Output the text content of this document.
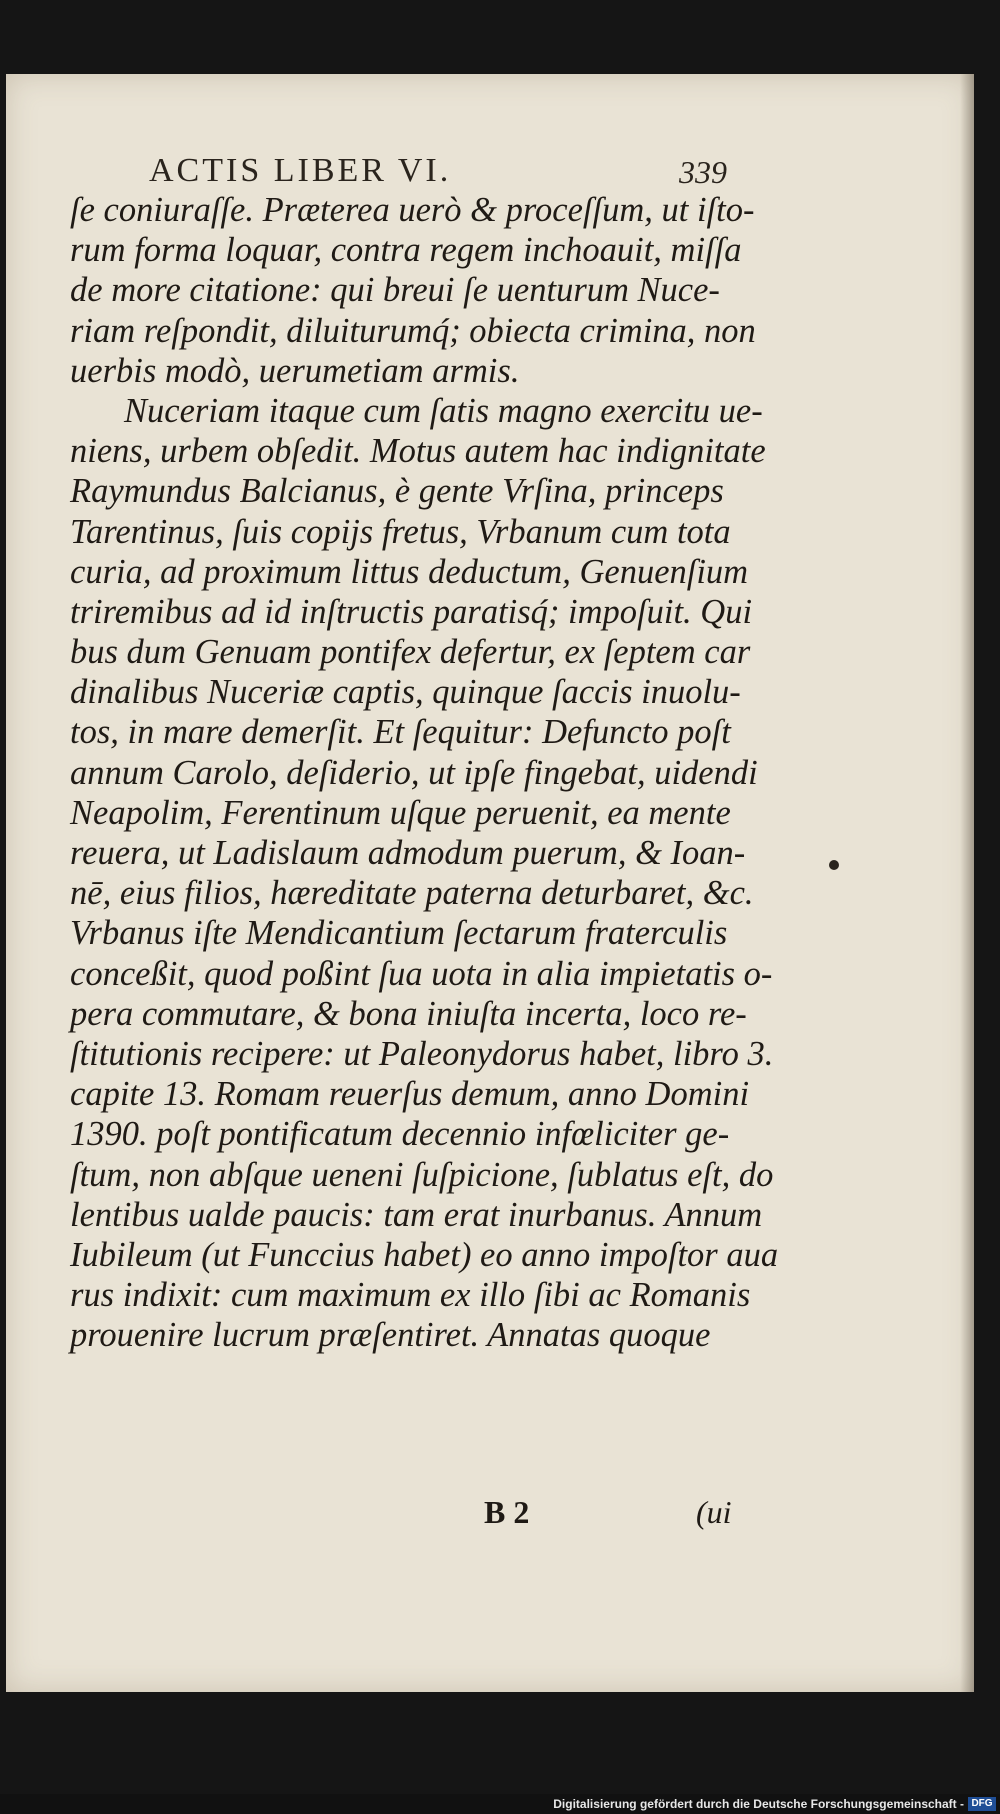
ACTIS LIBER VI.	339
ſe coniuraſſe. Præterea uerò & proceſſum, ut iſto-
rum forma loquar, contra regem inchoauit, miſſa
de more citatione: qui breui ſe uenturum Nuce-
riam reſpondit, diluiturumq́; obiecta crimina, non
uerbis modò, uerumetiam armis.
Nuceriam itaque cum ſatis magno exercitu ue-
niens, urbem obſedit. Motus autem hac indignitate
Raymundus Balcianus, è gente Vrſina, princeps
Tarentinus, ſuis copijs fretus, Vrbanum cum tota
curia, ad proximum littus deductum, Genuenſium
triremibus ad id inſtructis paratisq́; impoſuit. Qui
bus dum Genuam pontifex defertur, ex ſeptem car
dinalibus Nuceriæ captis, quinque ſaccis inuolu-
tos, in mare demerſit. Et ſequitur: Defuncto poſt
annum Carolo, deſiderio, ut ipſe fingebat, uidendi
Neapolim, Ferentinum uſque peruenit, ea mente
reuera, ut Ladislaum admodum puerum, & Ioan-
nē, eius filios, hæreditate paterna deturbaret, &c.
Vrbanus iſte Mendicantium ſectarum fraterculis
conceßit, quod poßint ſua uota in alia impietatis o-
pera commutare, & bona iniuſta incerta, loco re-
ſtitutionis recipere: ut Paleonydorus habet, libro 3.
capite 13. Romam reuerſus demum, anno Domini
1390. poſt pontificatum decennio infœliciter ge-
ſtum, non abſque ueneni ſuſpicione, ſublatus eſt, do
lentibus ualde paucis: tam erat inurbanus. Annum
Iubileum (ut Funccius habet) eo anno impoſtor aua
rus indixit: cum maximum ex illo ſibi ac Romanis
prouenire lucrum præſentiret. Annatas quoque
B 2	(ui
Digitalisierung gefördert durch die Deutsche Forschungsgemeinschaft - DFG
